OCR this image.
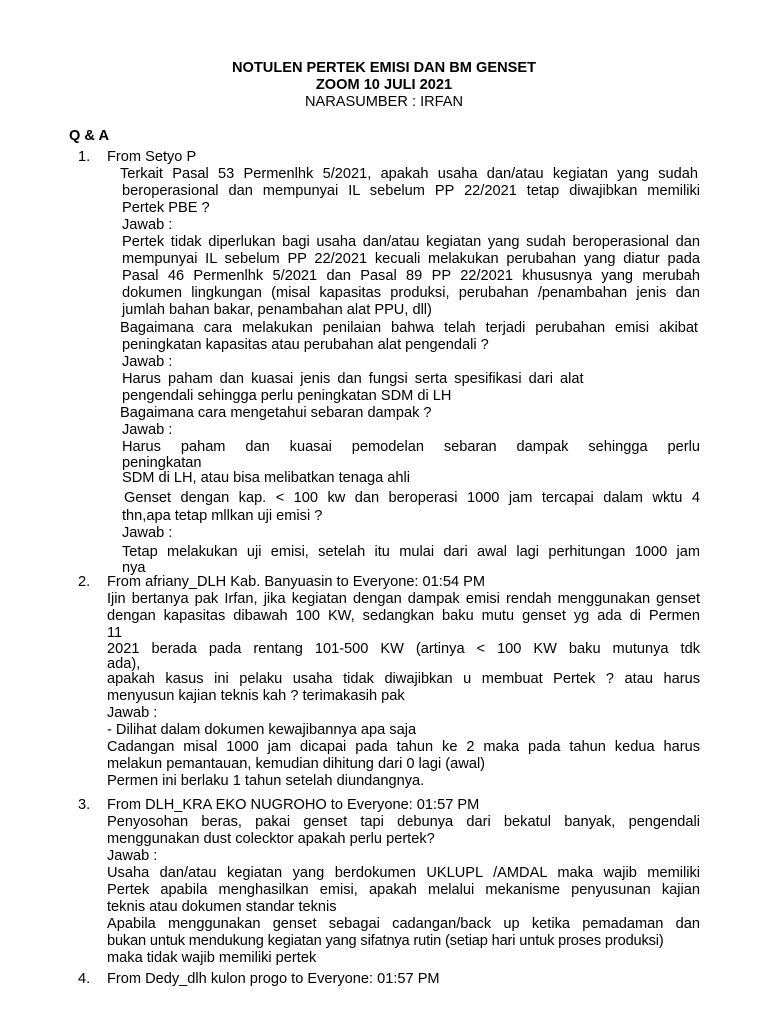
NOTULEN PERTEK EMISI DAN BM GENSET
ZOOM 10 JULI 2021
NARASUMBER : IRFAN
Q & A
1. From Setyo P
Terkait Pasal 53 Permenlhk 5/2021, apakah usaha dan/atau kegiatan yang sudah
beroperasional dan mempunyai IL sebelum PP 22/2021 tetap diwajibkan memiliki
Pertek PBE ?
Jawab :
Pertek tidak diperlukan bagi usaha dan/atau kegiatan yang sudah beroperasional dan
mempunyai IL sebelum PP 22/2021 kecuali melakukan perubahan yang diatur pada
Pasal 46 Permenlhk 5/2021 dan Pasal 89 PP 22/2021 khususnya yang merubah
dokumen lingkungan (misal kapasitas produksi, perubahan /penambahan jenis dan
jumlah bahan bakar, penambahan alat PPU, dll)
Bagaimana cara melakukan penilaian bahwa telah terjadi perubahan emisi akibat
peningkatan kapasitas atau perubahan alat pengendali ?
Jawab :
Harus paham dan kuasai jenis dan fungsi serta spesifikasi dari alat
pengendali sehingga perlu peningkatan SDM di LH
Bagaimana cara mengetahui sebaran dampak ?
Jawab :
Harus paham dan kuasai pemodelan sebaran dampak sehingga perlu
peningkatan
SDM di LH, atau bisa melibatkan tenaga ahli
Genset dengan kap. < 100 kw dan beroperasi 1000 jam tercapai dalam wktu 4
thn,apa tetap mllkan uji emisi ?
Jawab :
Tetap melakukan uji emisi, setelah itu mulai dari awal lagi perhitungan 1000 jam
nya
2. From afriany_DLH Kab. Banyuasin to Everyone: 01:54 PM
Ijin bertanya pak Irfan, jika kegiatan dengan dampak emisi rendah menggunakan genset
dengan kapasitas dibawah 100 KW, sedangkan baku mutu genset yg ada di Permen
11
2021 berada pada rentang 101-500 KW (artinya < 100 KW baku mutunya tdk
ada),
apakah kasus ini pelaku usaha tidak diwajibkan u membuat Pertek ? atau harus
menyusun kajian teknis kah ? terimakasih pak
Jawab :
- Dilihat dalam dokumen kewajibannya apa saja
Cadangan misal 1000 jam dicapai pada tahun ke 2 maka pada tahun kedua harus
melakun pemantauan, kemudian dihitung dari 0 lagi (awal)
Permen ini berlaku 1 tahun setelah diundangnya.
3. From DLH_KRA EKO NUGROHO to Everyone: 01:57 PM
Penyosohan beras, pakai genset tapi debunya dari bekatul banyak, pengendali
menggunakan dust colecktor apakah perlu pertek?
Jawab :
Usaha dan/atau kegiatan yang berdokumen UKLUPL /AMDAL maka wajib memiliki
Pertek apabila menghasilkan emisi, apakah melalui mekanisme penyusunan kajian
teknis atau dokumen standar teknis
Apabila menggunakan genset sebagai cadangan/back up ketika pemadaman dan
bukan untuk mendukung kegiatan yang sifatnya rutin (setiap hari untuk proses produksi)
maka tidak wajib memiliki pertek
4. From Dedy_dlh kulon progo to Everyone: 01:57 PM
